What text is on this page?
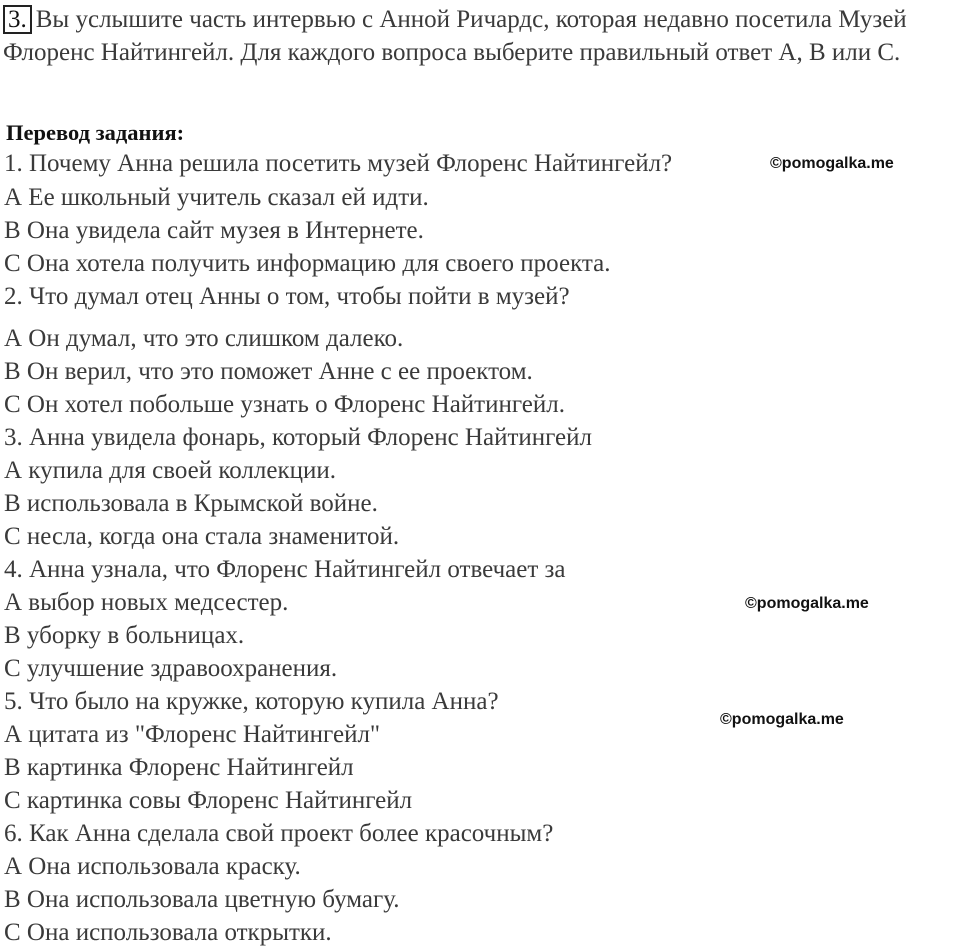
3. Вы услышите часть интервью с Анной Ричардс, которая недавно посетила Музей Флоренс Найтингейл. Для каждого вопроса выберите правильный ответ А, В или С.
Перевод задания:
1. Почему Анна решила посетить музей Флоренс Найтингейл?
А Ее школьный учитель сказал ей идти.
В Она увидела сайт музея в Интернете.
С Она хотела получить информацию для своего проекта.
2. Что думал отец Анны о том, чтобы пойти в музей?
А Он думал, что это слишком далеко.
В Он верил, что это поможет Анне с ее проектом.
С Он хотел побольше узнать о Флоренс Найтингейл.
3. Анна увидела фонарь, который Флоренс Найтингейл
А купила для своей коллекции.
В использовала в Крымской войне.
С несла, когда она стала знаменитой.
4. Анна узнала, что Флоренс Найтингейл отвечает за
А выбор новых медсестер.
В уборку в больницах.
С улучшение здравоохранения.
5. Что было на кружке, которую купила Анна?
А цитата из "Флоренс Найтингейл"
В картинка Флоренс Найтингейл
С картинка совы Флоренс Найтингейл
6. Как Анна сделала свой проект более красочным?
А Она использовала краску.
В Она использовала цветную бумагу.
С Она использовала открытки.
©pomogalka.me
©pomogalka.me
©pomogalka.me
